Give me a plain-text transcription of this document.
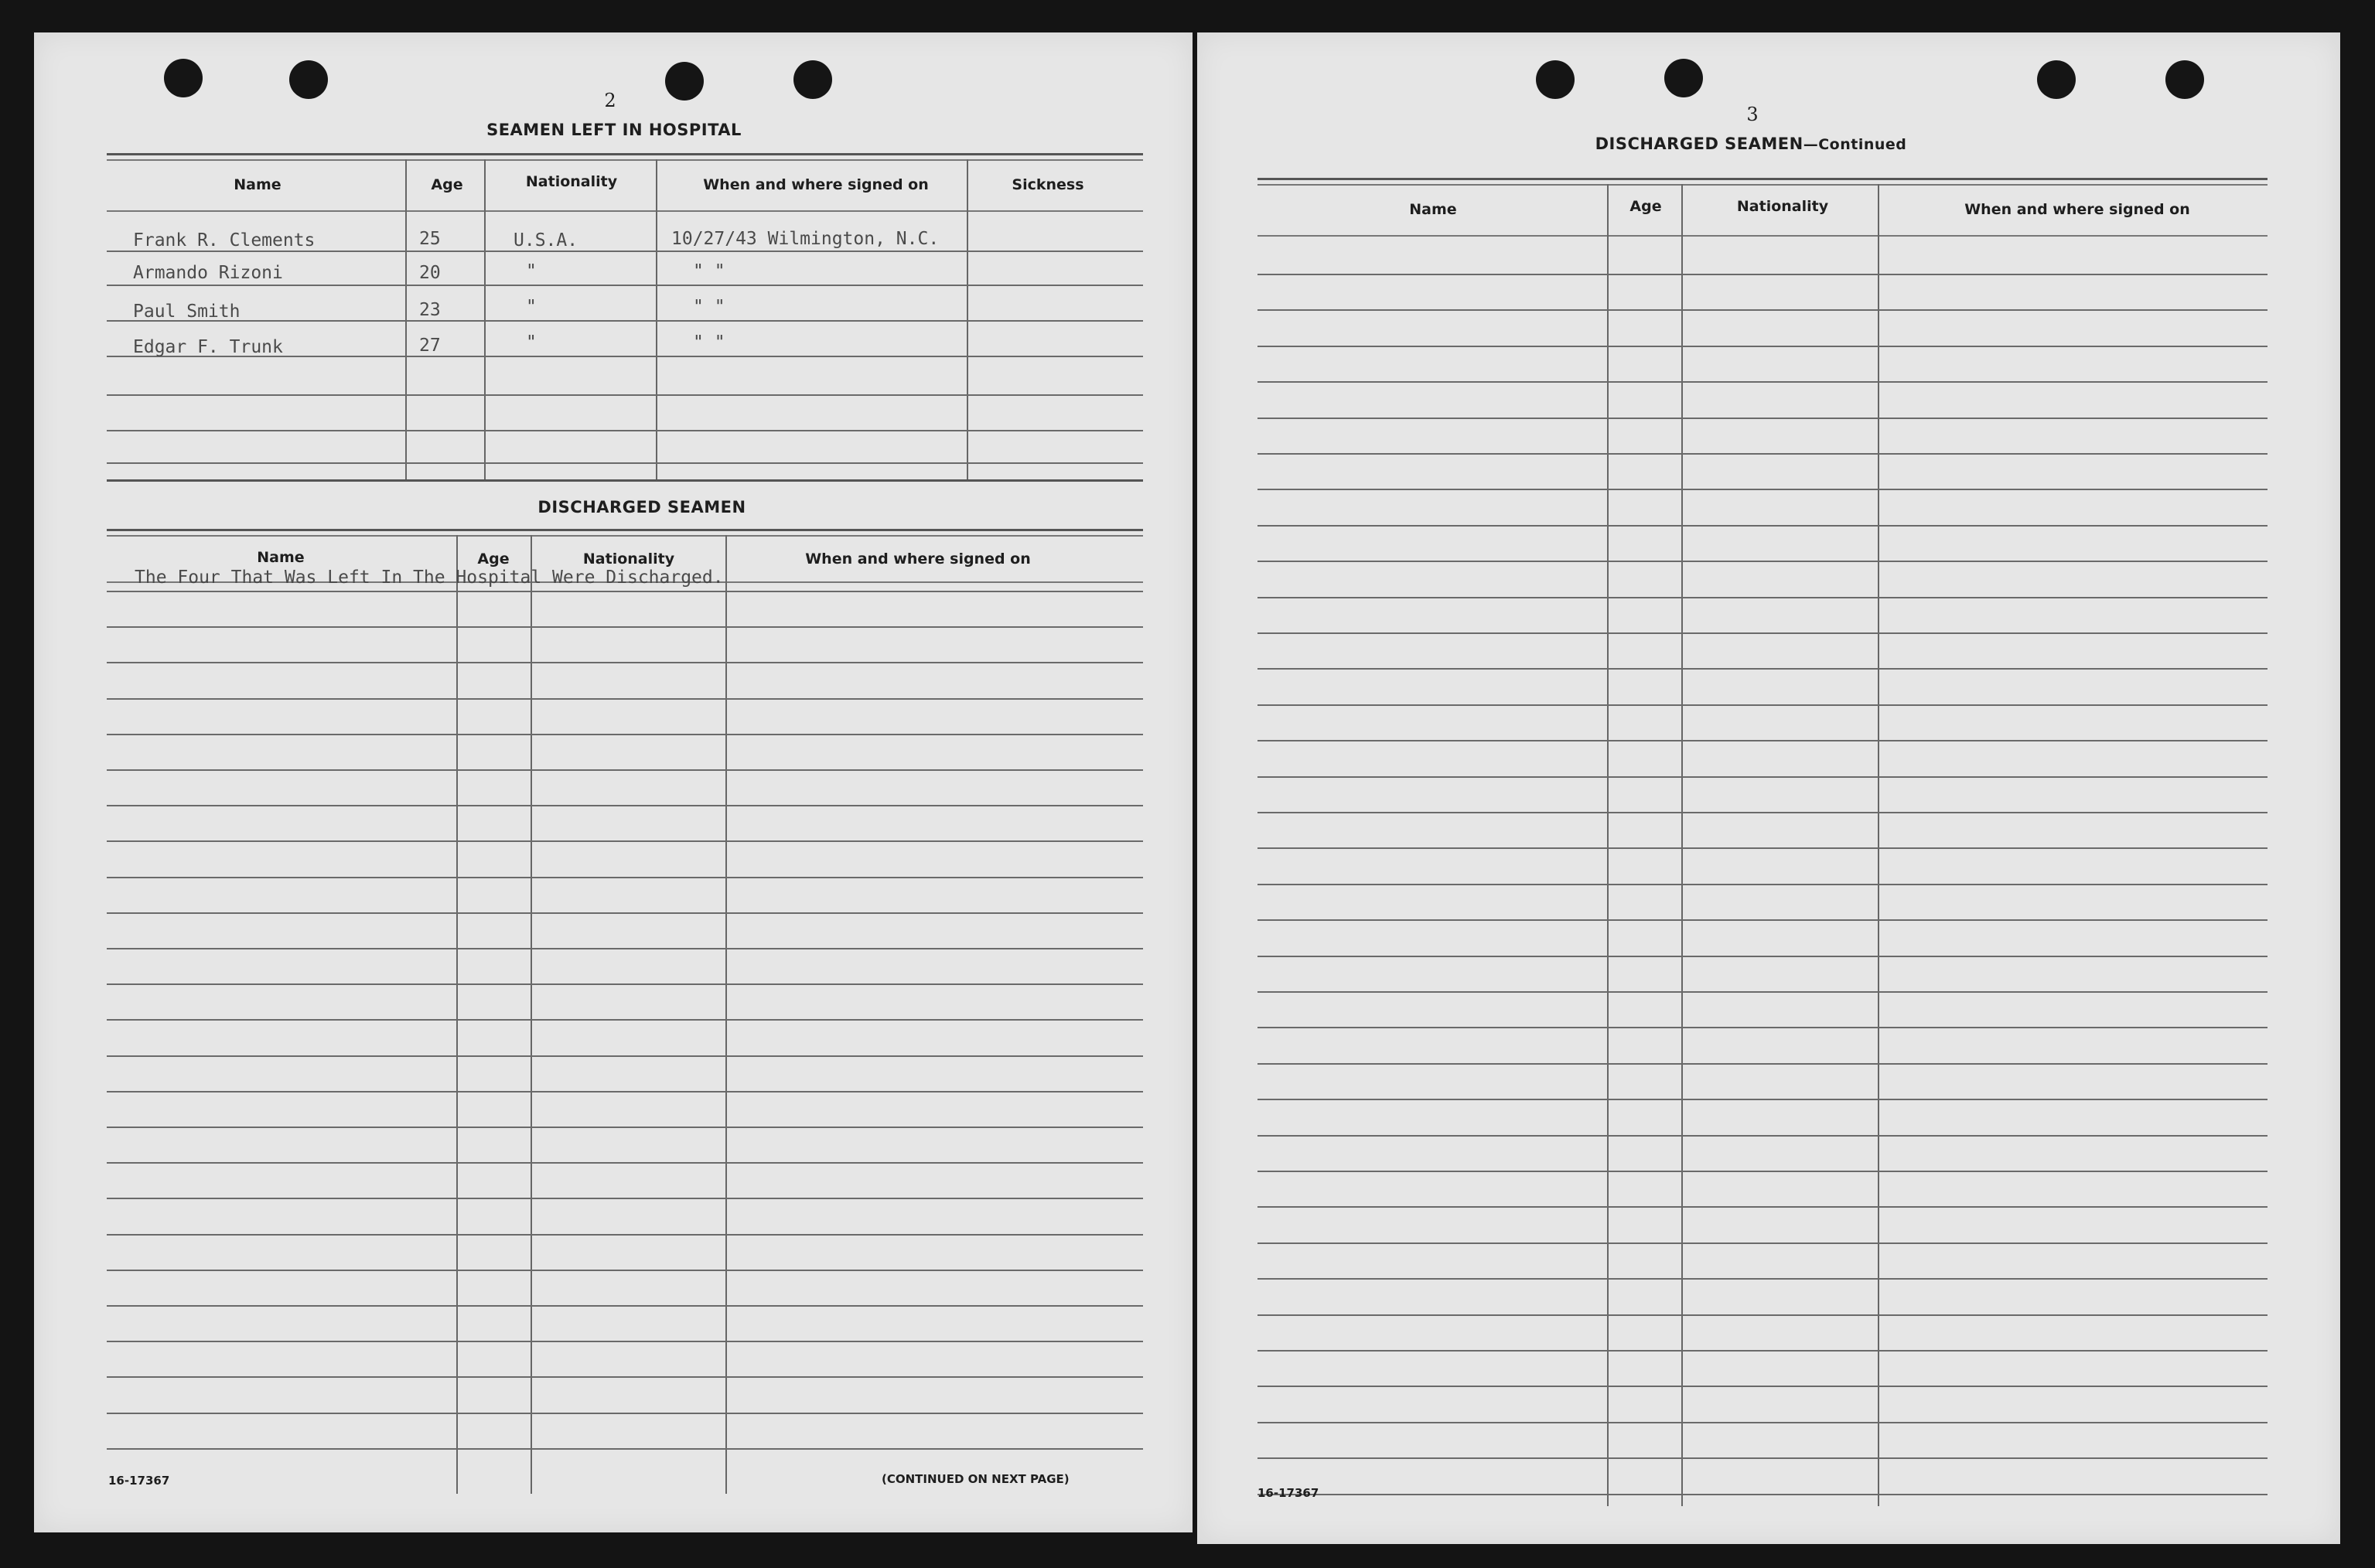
2
SEAMEN LEFT IN HOSPITAL
Name	Age	Nationality	When and where signed on	Sickness
Frank R. Clements	25	U.S.A.	10/27/43 Wilmington, N.C.
Armando Rizoni	20	"	" "
Paul Smith	23	"	" "
Edgar F. Trunk	27	"	" "
DISCHARGED SEAMEN
Name	Age	Nationality	When and where signed on
The Four That Was Left In The Hospital Were Discharged.
16-17367	(CONTINUED ON NEXT PAGE)
3
DISCHARGED SEAMEN—Continued
Name	Age	Nationality	When and where signed on
16-17367
